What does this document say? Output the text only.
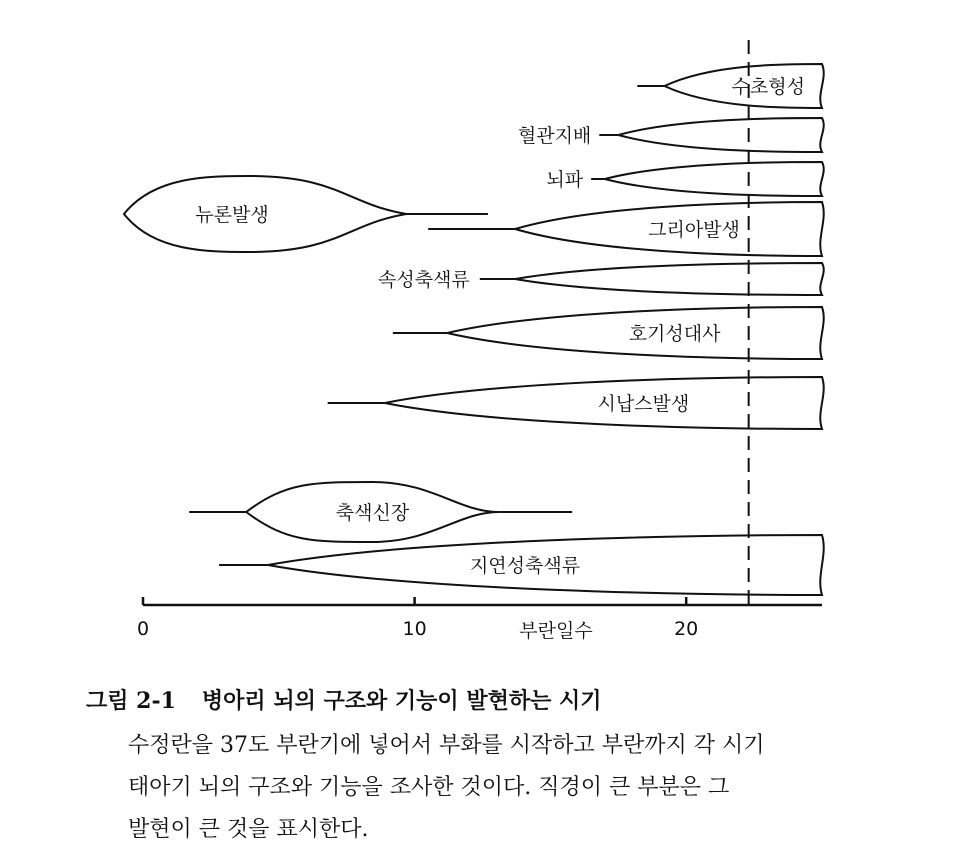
수초형성
혈관지배
뇌파
뉴론발생
그리아발생
속성축색류
호기성대사
시납스발생
축색신장
지연성축색류
0	10	20
부란일수
그림 2-1 병아리 뇌의 구조와 기능이 발현하는 시기
수정란을 37도 부란기에 넣어서 부화를 시작하고 부란까지 각 시기
태아기 뇌의 구조와 기능을 조사한 것이다. 직경이 큰 부분은 그
발현이 큰 것을 표시한다.
